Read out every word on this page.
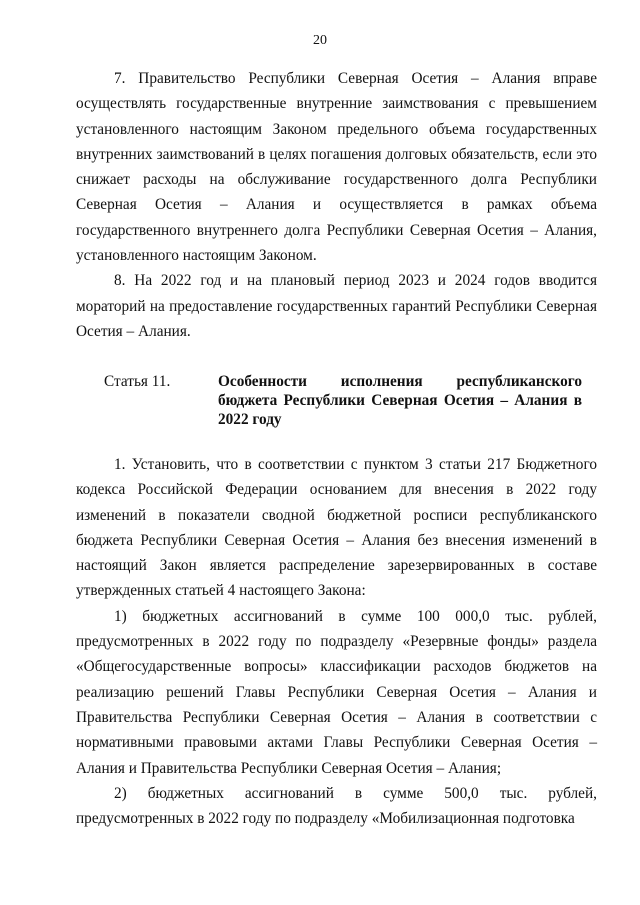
20

7. Правительство Республики Северная Осетия – Алания вправе осуществлять государственные внутренние заимствования с превышением установленного настоящим Законом предельного объема государственных внутренних заимствований в целях погашения долговых обязательств, если это снижает расходы на обслуживание государственного долга Республики Северная Осетия – Алания и осуществляется в рамках объема государственного внутреннего долга Республики Северная Осетия – Алания, установленного настоящим Законом.

8. На 2022 год и на плановый период 2023 и 2024 годов вводится мораторий на предоставление государственных гарантий Республики Северная Осетия – Алания.

Статья 11.	Особенности исполнения республиканского бюджета Республики Северная Осетия – Алания в 2022 году

1. Установить, что в соответствии с пунктом 3 статьи 217 Бюджетного кодекса Российской Федерации основанием для внесения в 2022 году изменений в показатели сводной бюджетной росписи республиканского бюджета Республики Северная Осетия – Алания без внесения изменений в настоящий Закон является распределение зарезервированных в составе утвержденных статьей 4 настоящего Закона:

1) бюджетных ассигнований в сумме 100 000,0 тыс. рублей, предусмотренных в 2022 году по подразделу «Резервные фонды» раздела «Общегосударственные вопросы» классификации расходов бюджетов на реализацию решений Главы Республики Северная Осетия – Алания и Правительства Республики Северная Осетия – Алания в соответствии с нормативными правовыми актами Главы Республики Северная Осетия – Алания и Правительства Республики Северная Осетия – Алания;

2) бюджетных ассигнований в сумме 500,0 тыс. рублей, предусмотренных в 2022 году по подразделу «Мобилизационная подготовка
